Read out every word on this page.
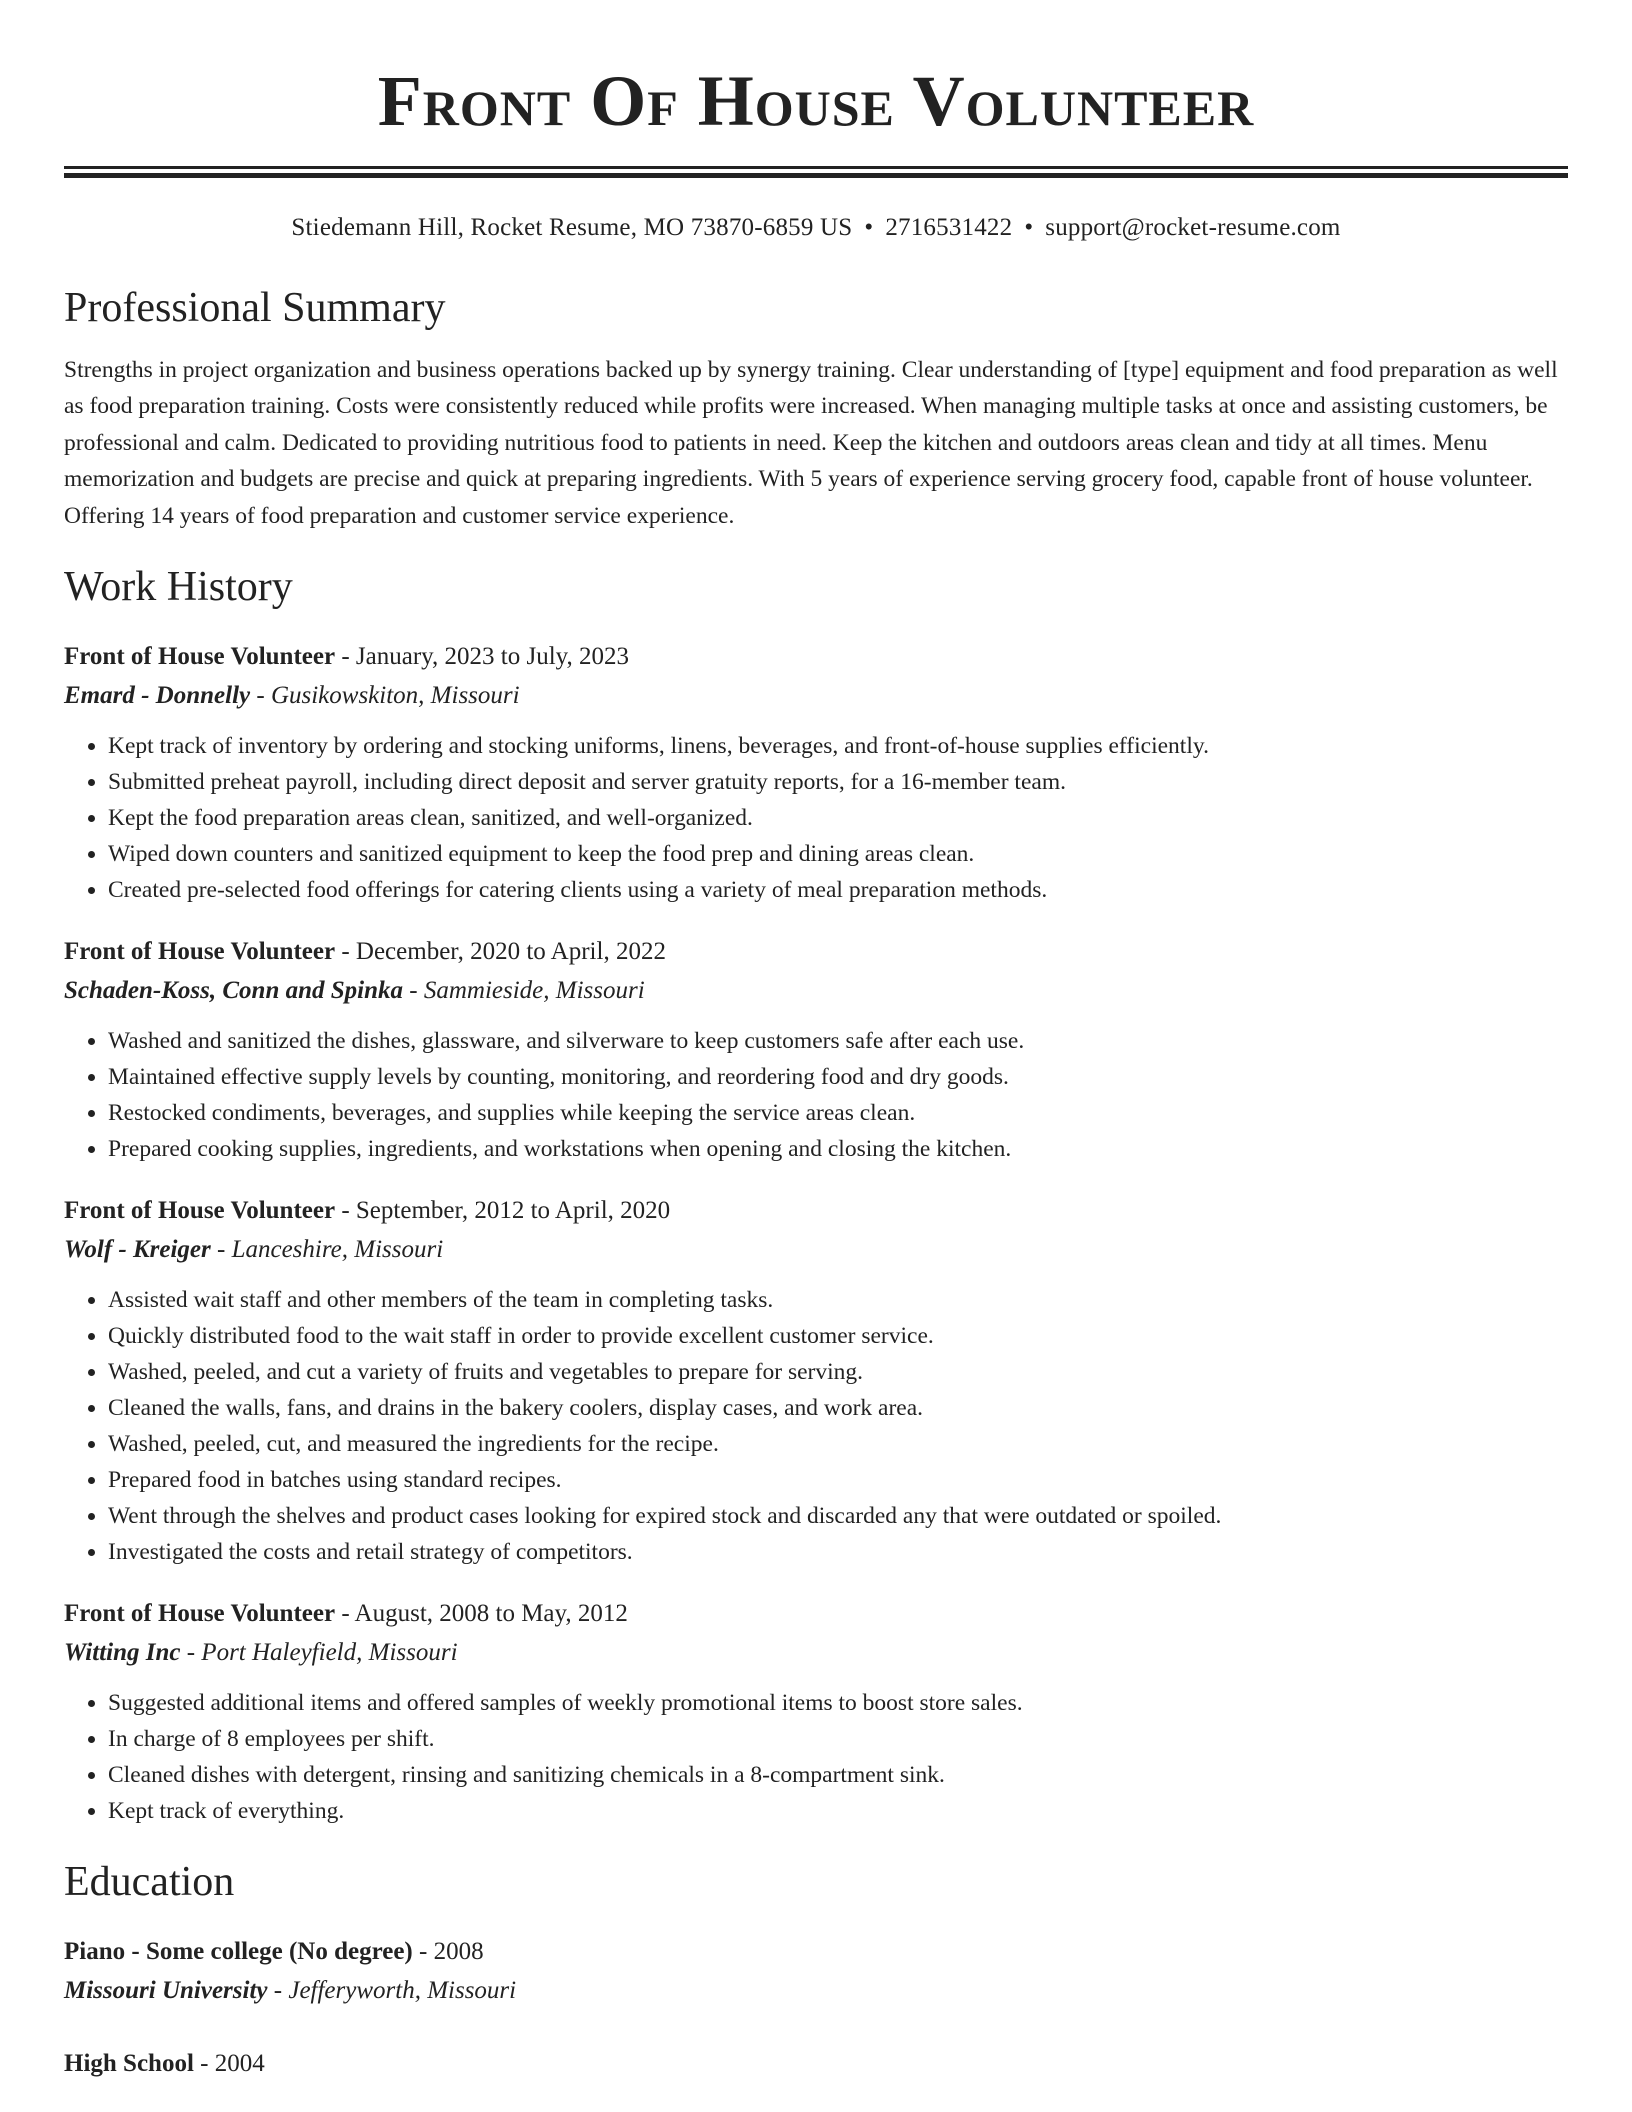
Front Of House Volunteer
Stiedemann Hill, Rocket Resume, MO 73870-6859 US • 2716531422 • support@rocket-resume.com
Professional Summary

Strengths in project organization and business operations backed up by synergy training. Clear understanding of [type] equipment and food preparation as well as food preparation training. Costs were consistently reduced while profits were increased. When managing multiple tasks at once and assisting customers, be professional and calm. Dedicated to providing nutritious food to patients in need. Keep the kitchen and outdoors areas clean and tidy at all times. Menu memorization and budgets are precise and quick at preparing ingredients. With 5 years of experience serving grocery food, capable front of house volunteer. Offering 14 years of food preparation and customer service experience.

Work History
Front of House Volunteer - January, 2023 to July, 2023
Emard - Donnelly - Gusikowskiton, Missouri
• Kept track of inventory by ordering and stocking uniforms, linens, beverages, and front-of-house supplies efficiently.
• Submitted preheat payroll, including direct deposit and server gratuity reports, for a 16-member team.
• Kept the food preparation areas clean, sanitized, and well-organized.
• Wiped down counters and sanitized equipment to keep the food prep and dining areas clean.
• Created pre-selected food offerings for catering clients using a variety of meal preparation methods.
Front of House Volunteer - December, 2020 to April, 2022
Schaden-Koss, Conn and Spinka - Sammieside, Missouri
• Washed and sanitized the dishes, glassware, and silverware to keep customers safe after each use.
• Maintained effective supply levels by counting, monitoring, and reordering food and dry goods.
• Restocked condiments, beverages, and supplies while keeping the service areas clean.
• Prepared cooking supplies, ingredients, and workstations when opening and closing the kitchen.
Front of House Volunteer - September, 2012 to April, 2020
Wolf - Kreiger - Lanceshire, Missouri
• Assisted wait staff and other members of the team in completing tasks.
• Quickly distributed food to the wait staff in order to provide excellent customer service.
• Washed, peeled, and cut a variety of fruits and vegetables to prepare for serving.
• Cleaned the walls, fans, and drains in the bakery coolers, display cases, and work area.
• Washed, peeled, cut, and measured the ingredients for the recipe.
• Prepared food in batches using standard recipes.
• Went through the shelves and product cases looking for expired stock and discarded any that were outdated or spoiled.
• Investigated the costs and retail strategy of competitors.
Front of House Volunteer - August, 2008 to May, 2012
Witting Inc - Port Haleyfield, Missouri
• Suggested additional items and offered samples of weekly promotional items to boost store sales.
• In charge of 8 employees per shift.
• Cleaned dishes with detergent, rinsing and sanitizing chemicals in a 8-compartment sink.
• Kept track of everything.
Education
Piano - Some college (No degree) - 2008
Missouri University - Jefferyworth, Missouri
High School - 2004
